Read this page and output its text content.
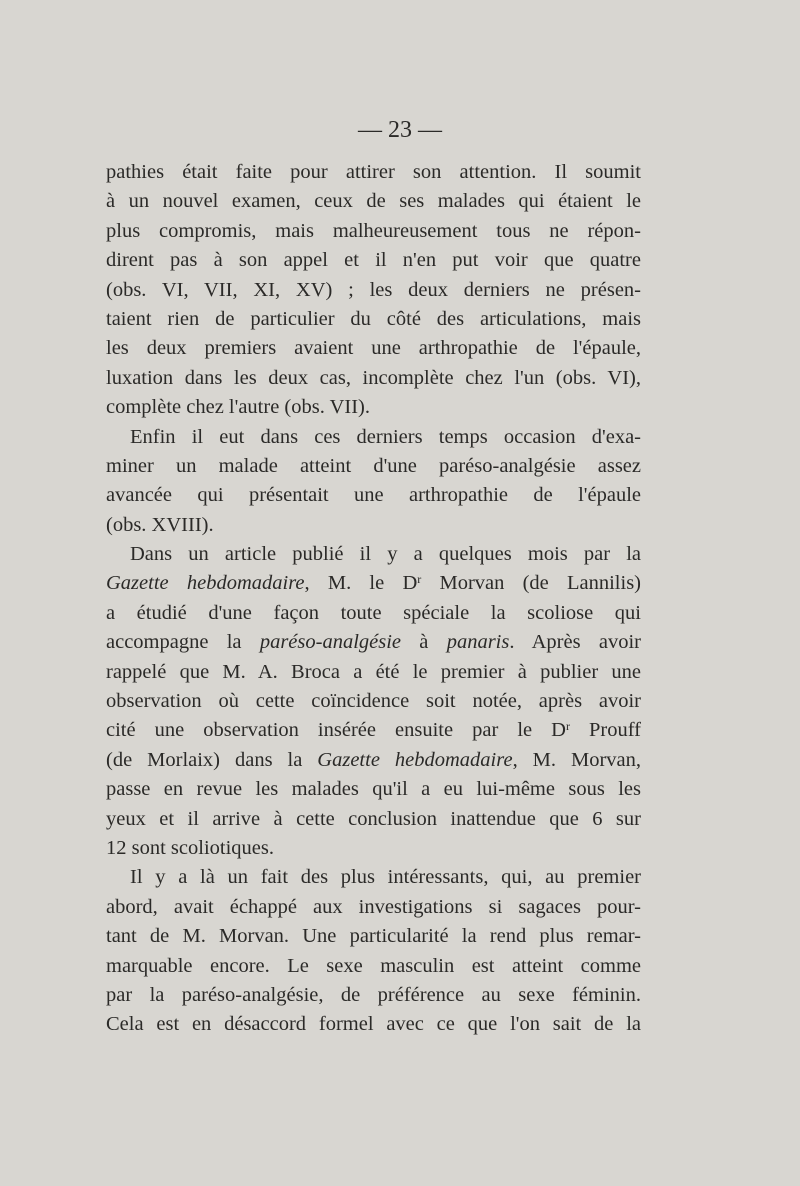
— 23 —
pathies était faite pour attirer son attention. Il soumit
à un nouvel examen, ceux de ses malades qui étaient le
plus compromis, mais malheureusement tous ne répon-
dirent pas à son appel et il n'en put voir que quatre
(obs. VI, VII, XI, XV) ; les deux derniers ne présen-
taient rien de particulier du côté des articulations, mais
les deux premiers avaient une arthropathie de l'épaule,
luxation dans les deux cas, incomplète chez l'un (obs. VI),
complète chez l'autre (obs. VII).
Enfin il eut dans ces derniers temps occasion d'exa-
miner un malade atteint d'une paréso-analgésie assez
avancée qui présentait une arthropathie de l'épaule
(obs. XVIII).
Dans un article publié il y a quelques mois par la
Gazette hebdomadaire, M. le $D^r$ Morvan (de Lannilis)
a étudié d'une façon toute spéciale la scoliose qui
accompagne la paréso-analgésie à panaris. Après avoir
rappelé que M. A. Broca a été le premier à publier une
observation où cette coïncidence soit notée, après avoir
cité une observation insérée ensuite par le $D^r$ Prouff
(de Morlaix) dans la Gazette hebdomadaire, M. Morvan,
passe en revue les malades qu'il a eu lui-même sous les
yeux et il arrive à cette conclusion inattendue que 6 sur
12 sont scoliotiques.
Il y a là un fait des plus intéressants, qui, au premier
abord, avait échappé aux investigations si sagaces pour-
tant de M. Morvan. Une particularité la rend plus remar-
marquable encore. Le sexe masculin est atteint comme
par la paréso-analgésie, de préférence au sexe féminin.
Cela est en désaccord formel avec ce que l'on sait de la
